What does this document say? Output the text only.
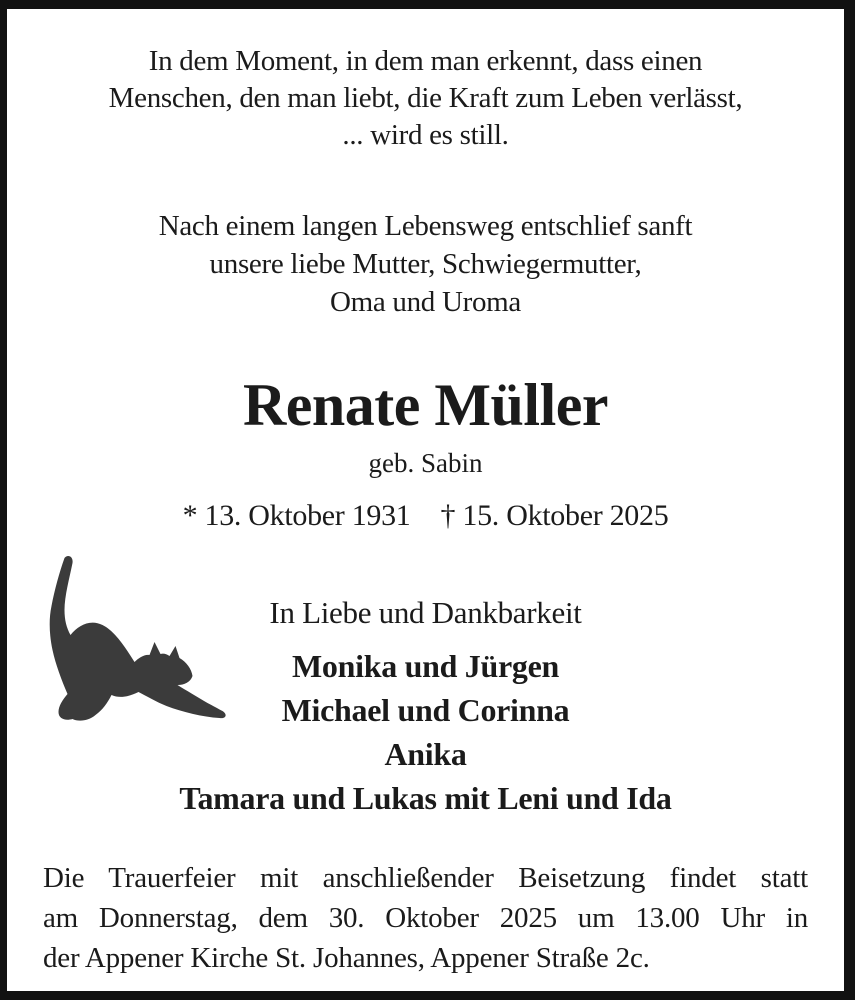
In dem Moment, in dem man erkennt, dass einen
Menschen, den man liebt, die Kraft zum Leben verlässt,
... wird es still.
Nach einem langen Lebensweg entschlief sanft
unsere liebe Mutter, Schwiegermutter,
Oma und Uroma
Renate Müller
geb. Sabin
* 13. Oktober 1931 † 15. Oktober 2025
In Liebe und Dankbarkeit
Monika und Jürgen
Michael und Corinna
Anika
Tamara und Lukas mit Leni und Ida
Die Trauerfeier mit anschließender Beisetzung findet statt
am Donnerstag, dem 30. Oktober 2025 um 13.00 Uhr in
der Appener Kirche St. Johannes, Appener Straße 2c.
